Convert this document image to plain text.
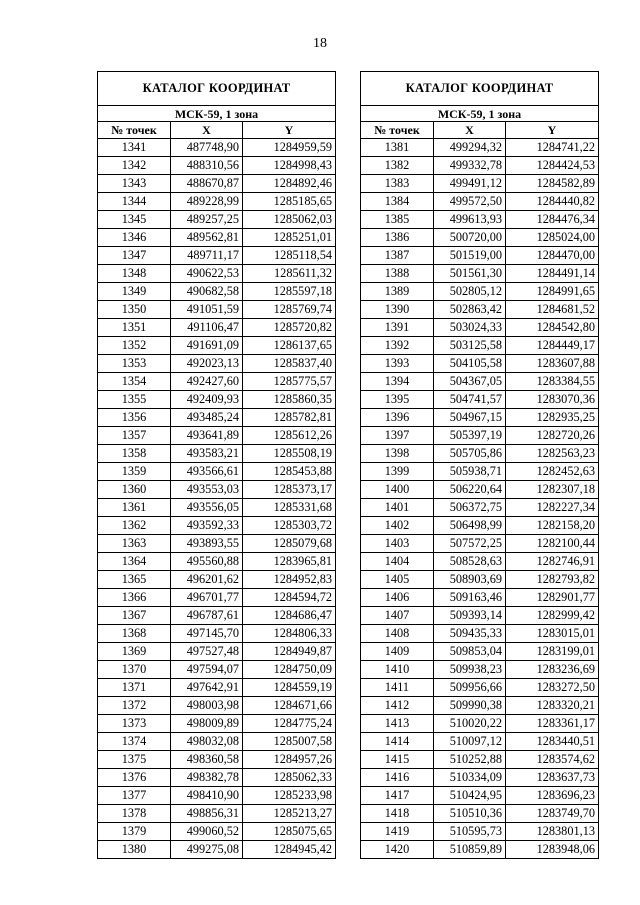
18
КАТАЛОГ КООРДИНАТ		
МСК-59, 1 зона		
№ точек	X	Y
1341	487748,90	1284959,59
1342	488310,56	1284998,43
1343	488670,87	1284892,46
1344	489228,99	1285185,65
1345	489257,25	1285062,03
1346	489562,81	1285251,01
1347	489711,17	1285118,54
1348	490622,53	1285611,32
1349	490682,58	1285597,18
1350	491051,59	1285769,74
1351	491106,47	1285720,82
1352	491691,09	1286137,65
1353	492023,13	1285837,40
1354	492427,60	1285775,57
1355	492409,93	1285860,35
1356	493485,24	1285782,81
1357	493641,89	1285612,26
1358	493583,21	1285508,19
1359	493566,61	1285453,88
1360	493553,03	1285373,17
1361	493556,05	1285331,68
1362	493592,33	1285303,72
1363	493893,55	1285079,68
1364	495560,88	1283965,81
1365	496201,62	1284952,83
1366	496701,77	1284594,72
1367	496787,61	1284686,47
1368	497145,70	1284806,33
1369	497527,48	1284949,87
1370	497594,07	1284750,09
1371	497642,91	1284559,19
1372	498003,98	1284671,66
1373	498009,89	1284775,24
1374	498032,08	1285007,58
1375	498360,58	1284957,26
1376	498382,78	1285062,33
1377	498410,90	1285233,98
1378	498856,31	1285213,27
1379	499060,52	1285075,65
1380	499275,08	1284945,42
КАТАЛОГ КООРДИНАТ		
МСК-59, 1 зона		
№ точек	X	Y
1381	499294,32	1284741,22
1382	499332,78	1284424,53
1383	499491,12	1284582,89
1384	499572,50	1284440,82
1385	499613,93	1284476,34
1386	500720,00	1285024,00
1387	501519,00	1284470,00
1388	501561,30	1284491,14
1389	502805,12	1284991,65
1390	502863,42	1284681,52
1391	503024,33	1284542,80
1392	503125,58	1284449,17
1393	504105,58	1283607,88
1394	504367,05	1283384,55
1395	504741,57	1283070,36
1396	504967,15	1282935,25
1397	505397,19	1282720,26
1398	505705,86	1282563,23
1399	505938,71	1282452,63
1400	506220,64	1282307,18
1401	506372,75	1282227,34
1402	506498,99	1282158,20
1403	507572,25	1282100,44
1404	508528,63	1282746,91
1405	508903,69	1282793,82
1406	509163,46	1282901,77
1407	509393,14	1282999,42
1408	509435,33	1283015,01
1409	509853,04	1283199,01
1410	509938,23	1283236,69
1411	509956,66	1283272,50
1412	509990,38	1283320,21
1413	510020,22	1283361,17
1414	510097,12	1283440,51
1415	510252,88	1283574,62
1416	510334,09	1283637,73
1417	510424,95	1283696,23
1418	510510,36	1283749,70
1419	510595,73	1283801,13
1420	510859,89	1283948,06
